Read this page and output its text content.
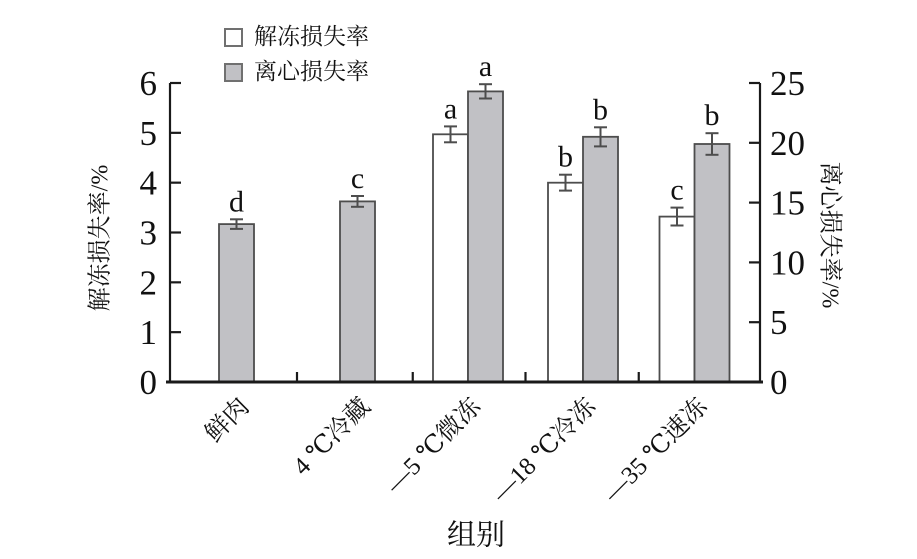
d
c
a
a
b
b
c
b
0
1
2
3
4
5
6
0
5
10
15
20
25
鲜肉 4 ℃冷藏 —5 ℃微冻 —18 ℃冷冻
—35 ℃速冻
解冻损失率
离心损失率
解冻损失率/%	离心损失率/%
组别
